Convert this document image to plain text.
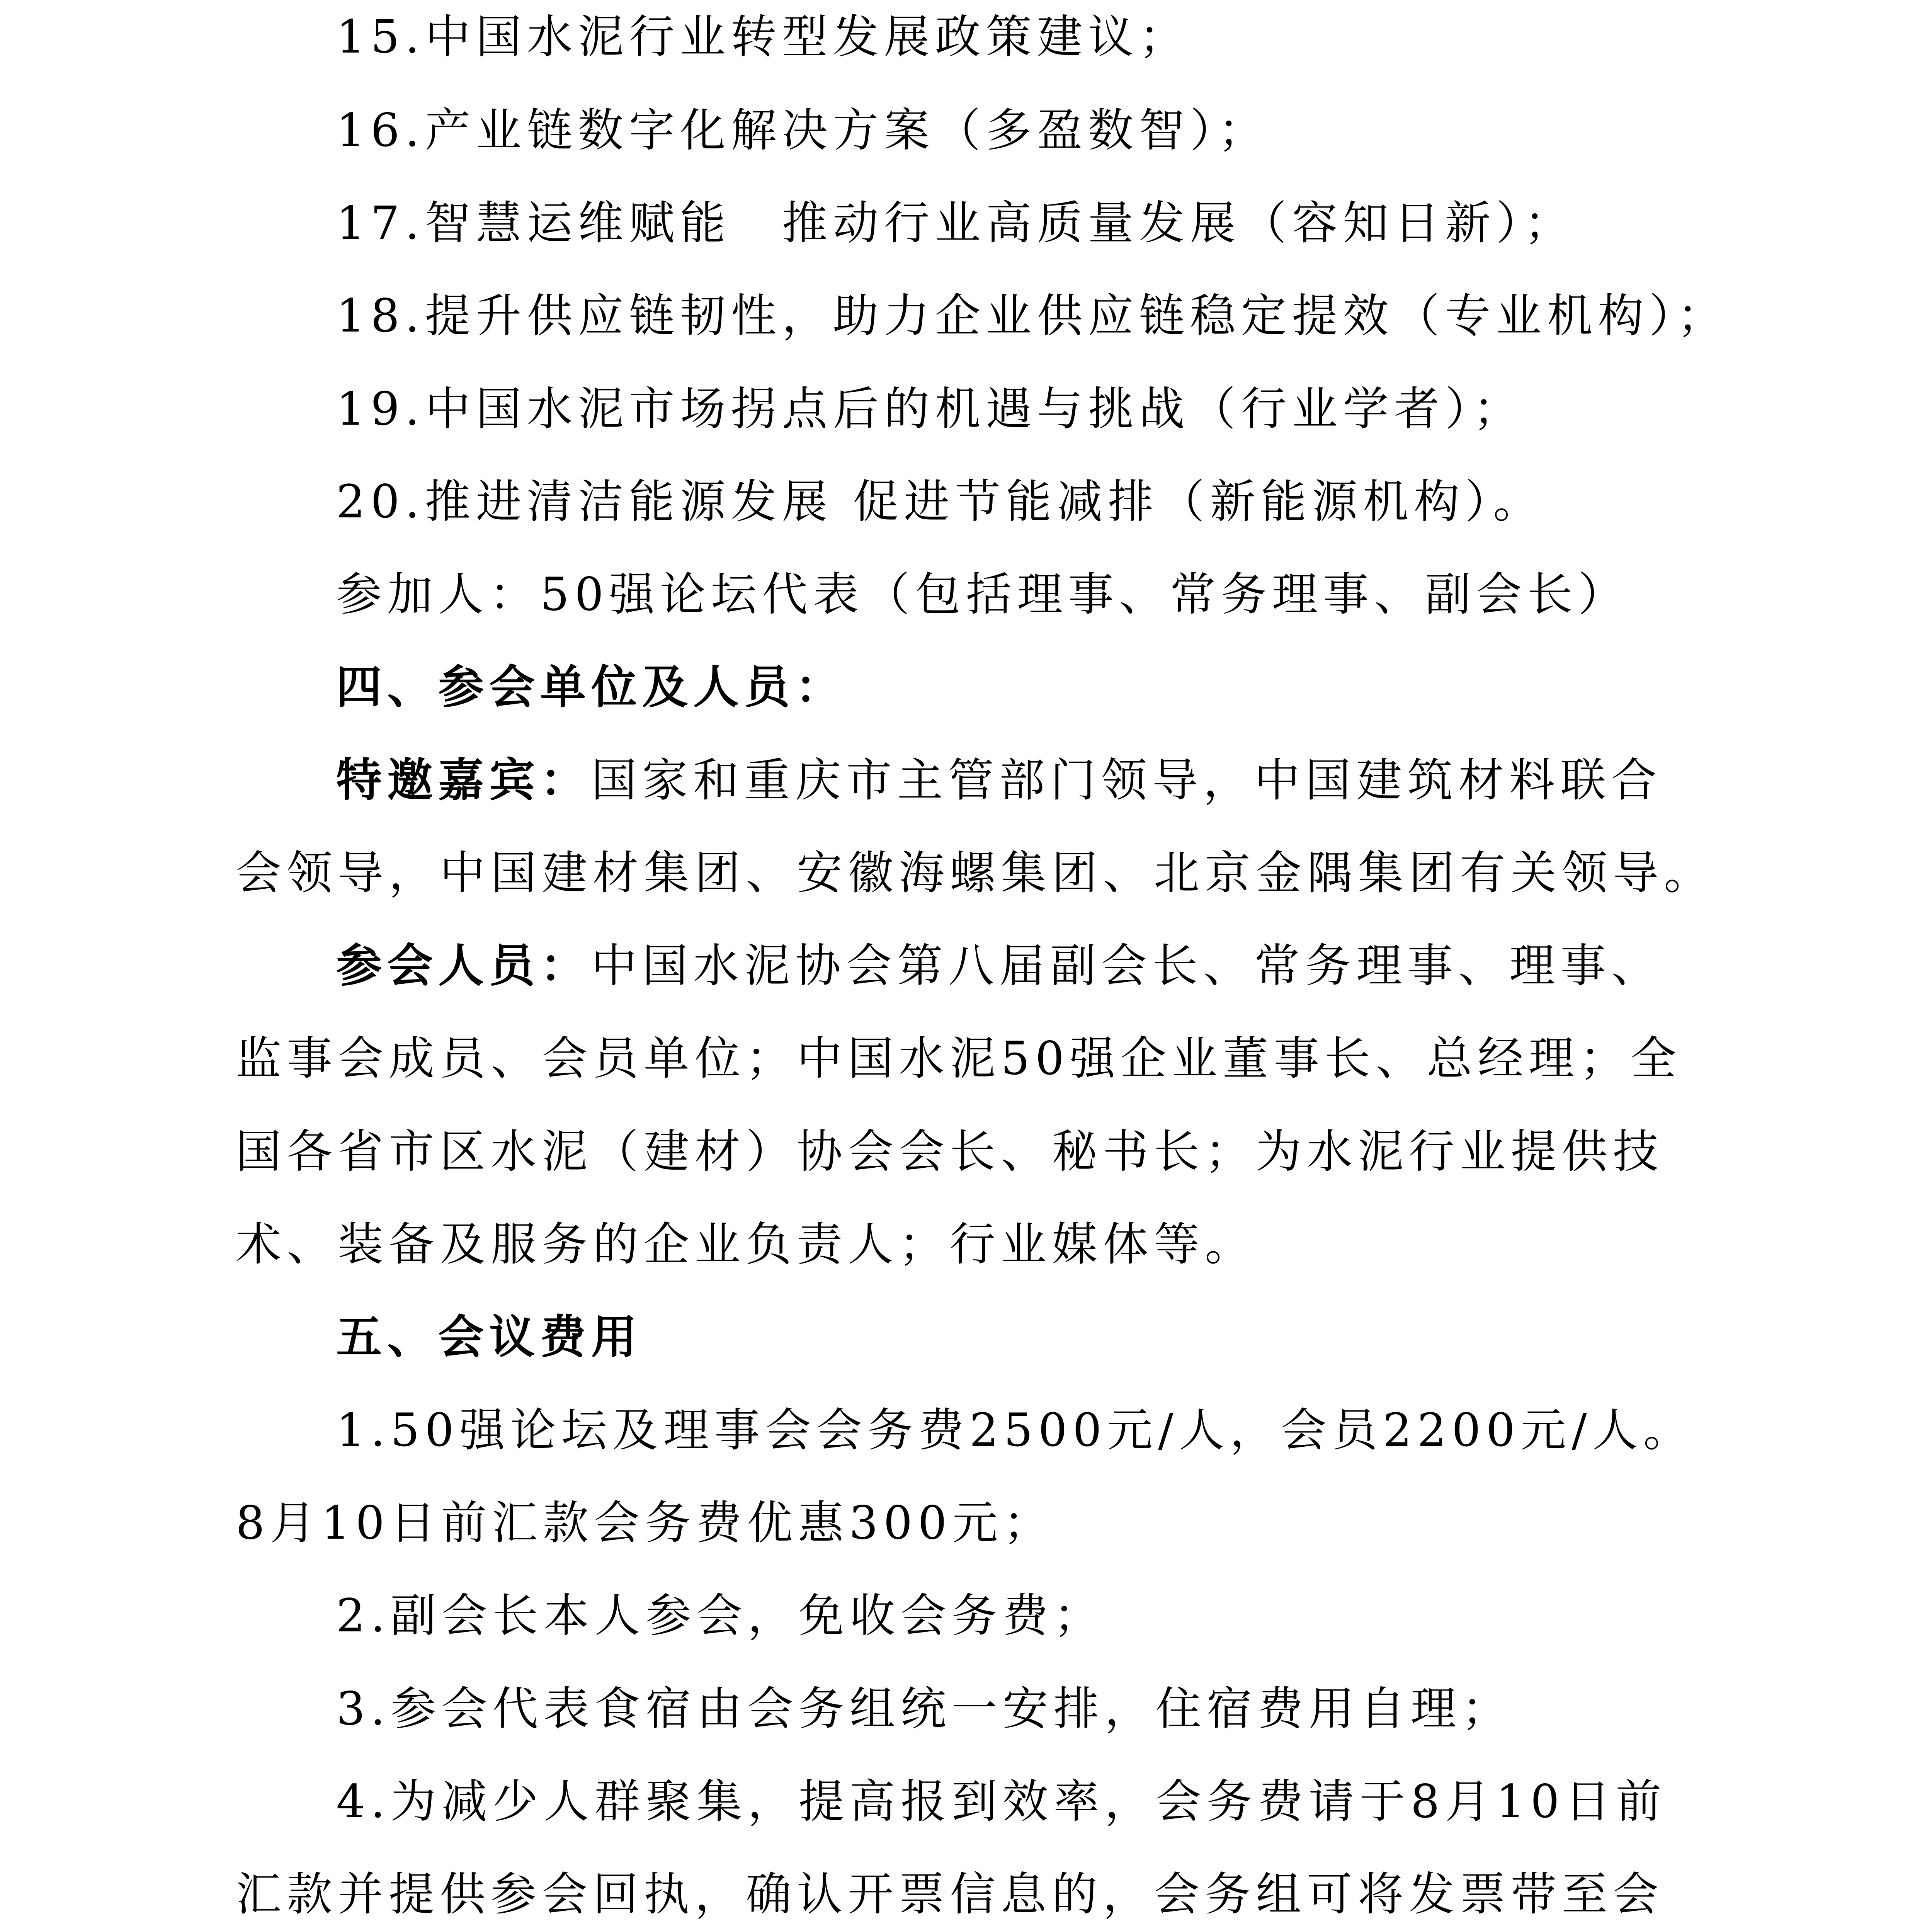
15.中国水泥行业转型发展政策建议；
16.产业链数字化解决方案（多盈数智）；
17.智慧运维赋能　推动行业高质量发展（容知日新）；
18.提升供应链韧性，助力企业供应链稳定提效（专业机构）；
19.中国水泥市场拐点后的机遇与挑战（行业学者）；
20.推进清洁能源发展 促进节能减排（新能源机构）。
参加人：50强论坛代表（包括理事、常务理事、副会长）
四、参会单位及人员：
特邀嘉宾：国家和重庆市主管部门领导，中国建筑材料联合
会领导，中国建材集团、安徽海螺集团、北京金隅集团有关领导。
参会人员：中国水泥协会第八届副会长、常务理事、理事、
监事会成员、会员单位；中国水泥50强企业董事长、总经理；全
国各省市区水泥（建材）协会会长、秘书长；为水泥行业提供技
术、装备及服务的企业负责人；行业媒体等。
五、会议费用
1.50强论坛及理事会会务费2500元/人，会员2200元/人。
8月10日前汇款会务费优惠300元；
2.副会长本人参会，免收会务费；
3.参会代表食宿由会务组统一安排，住宿费用自理；
4.为减少人群聚集，提高报到效率，会务费请于8月10日前
汇款并提供参会回执，确认开票信息的，会务组可将发票带至会
